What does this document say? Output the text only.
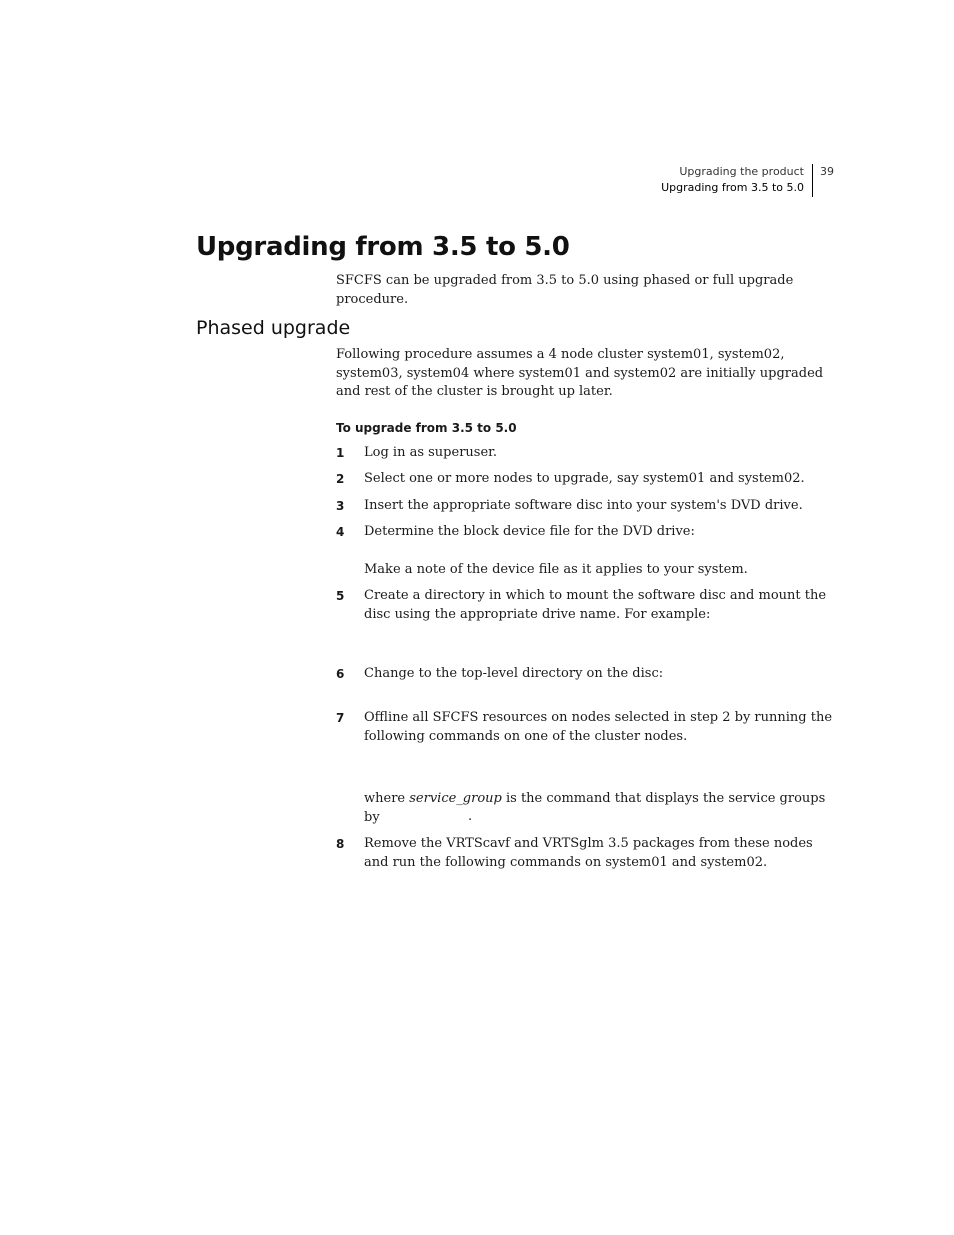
Upgrading the product
Upgrading from 3.5 to 5.0
39
Upgrading from 3.5 to 5.0

SFCFS can be upgraded from 3.5 to 5.0 using phased or full upgrade procedure.

Phased upgrade

Following procedure assumes a 4 node cluster system01, system02, system03, system04 where system01 and system02 are initially upgraded and rest of the cluster is brought up later.

To upgrade from 3.5 to 5.0
1	Log in as superuser.
2	Select one or more nodes to upgrade, say system01 and system02.
3	Insert the appropriate software disc into your system's DVD drive.
4	Determine the block device file for the DVD drive:

Make a note of the device file as it applies to your system.

5	Create a directory in which to mount the software disc and mount the disc using the appropriate drive name. For example:
6	Change to the top-level directory on the disc:
7	Offline all SFCFS resources on nodes selected in step 2 by running the following commands on one of the cluster nodes.

where service_group is the command that displays the service groups by	.
8	Remove the VRTScavf and VRTSglm 3.5 packages from these nodes and run the following commands on system01 and system02.
